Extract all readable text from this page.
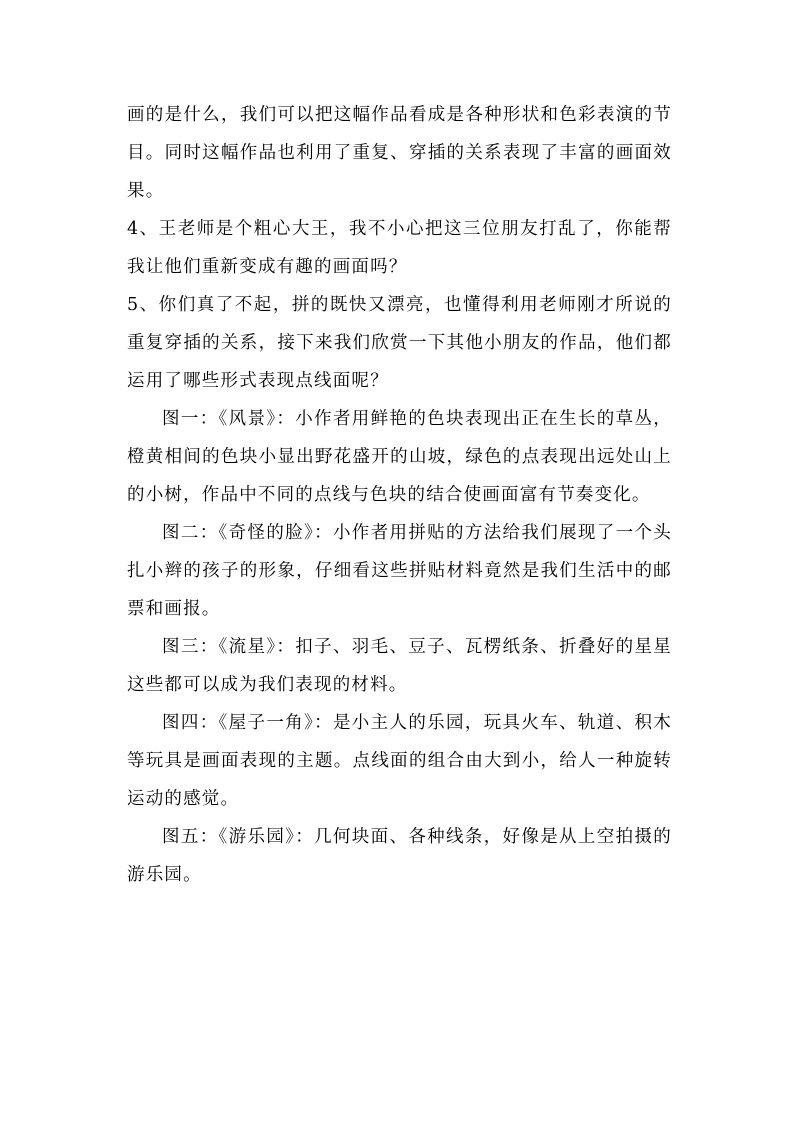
画的是什么，我们可以把这幅作品看成是各种形状和色彩表演的节目。同时这幅作品也利用了重复、穿插的关系表现了丰富的画面效果。

4、王老师是个粗心大王，我不小心把这三位朋友打乱了，你能帮我让他们重新变成有趣的画面吗？

5、你们真了不起，拼的既快又漂亮，也懂得利用老师刚才所说的重复穿插的关系，接下来我们欣赏一下其他小朋友的作品，他们都运用了哪些形式表现点线面呢？

图一：《风景》：小作者用鲜艳的色块表现出正在生长的草丛，橙黄相间的色块小显出野花盛开的山坡，绿色的点表现出远处山上的小树，作品中不同的点线与色块的结合使画面富有节奏变化。

图二：《奇怪的脸》：小作者用拼贴的方法给我们展现了一个头扎小辫的孩子的形象，仔细看这些拼贴材料竟然是我们生活中的邮票和画报。

图三：《流星》：扣子、羽毛、豆子、瓦楞纸条、折叠好的星星这些都可以成为我们表现的材料。

图四：《屋子一角》：是小主人的乐园，玩具火车、轨道、积木等玩具是画面表现的主题。点线面的组合由大到小，给人一种旋转运动的感觉。

图五：《游乐园》：几何块面、各种线条，好像是从上空拍摄的游乐园。
